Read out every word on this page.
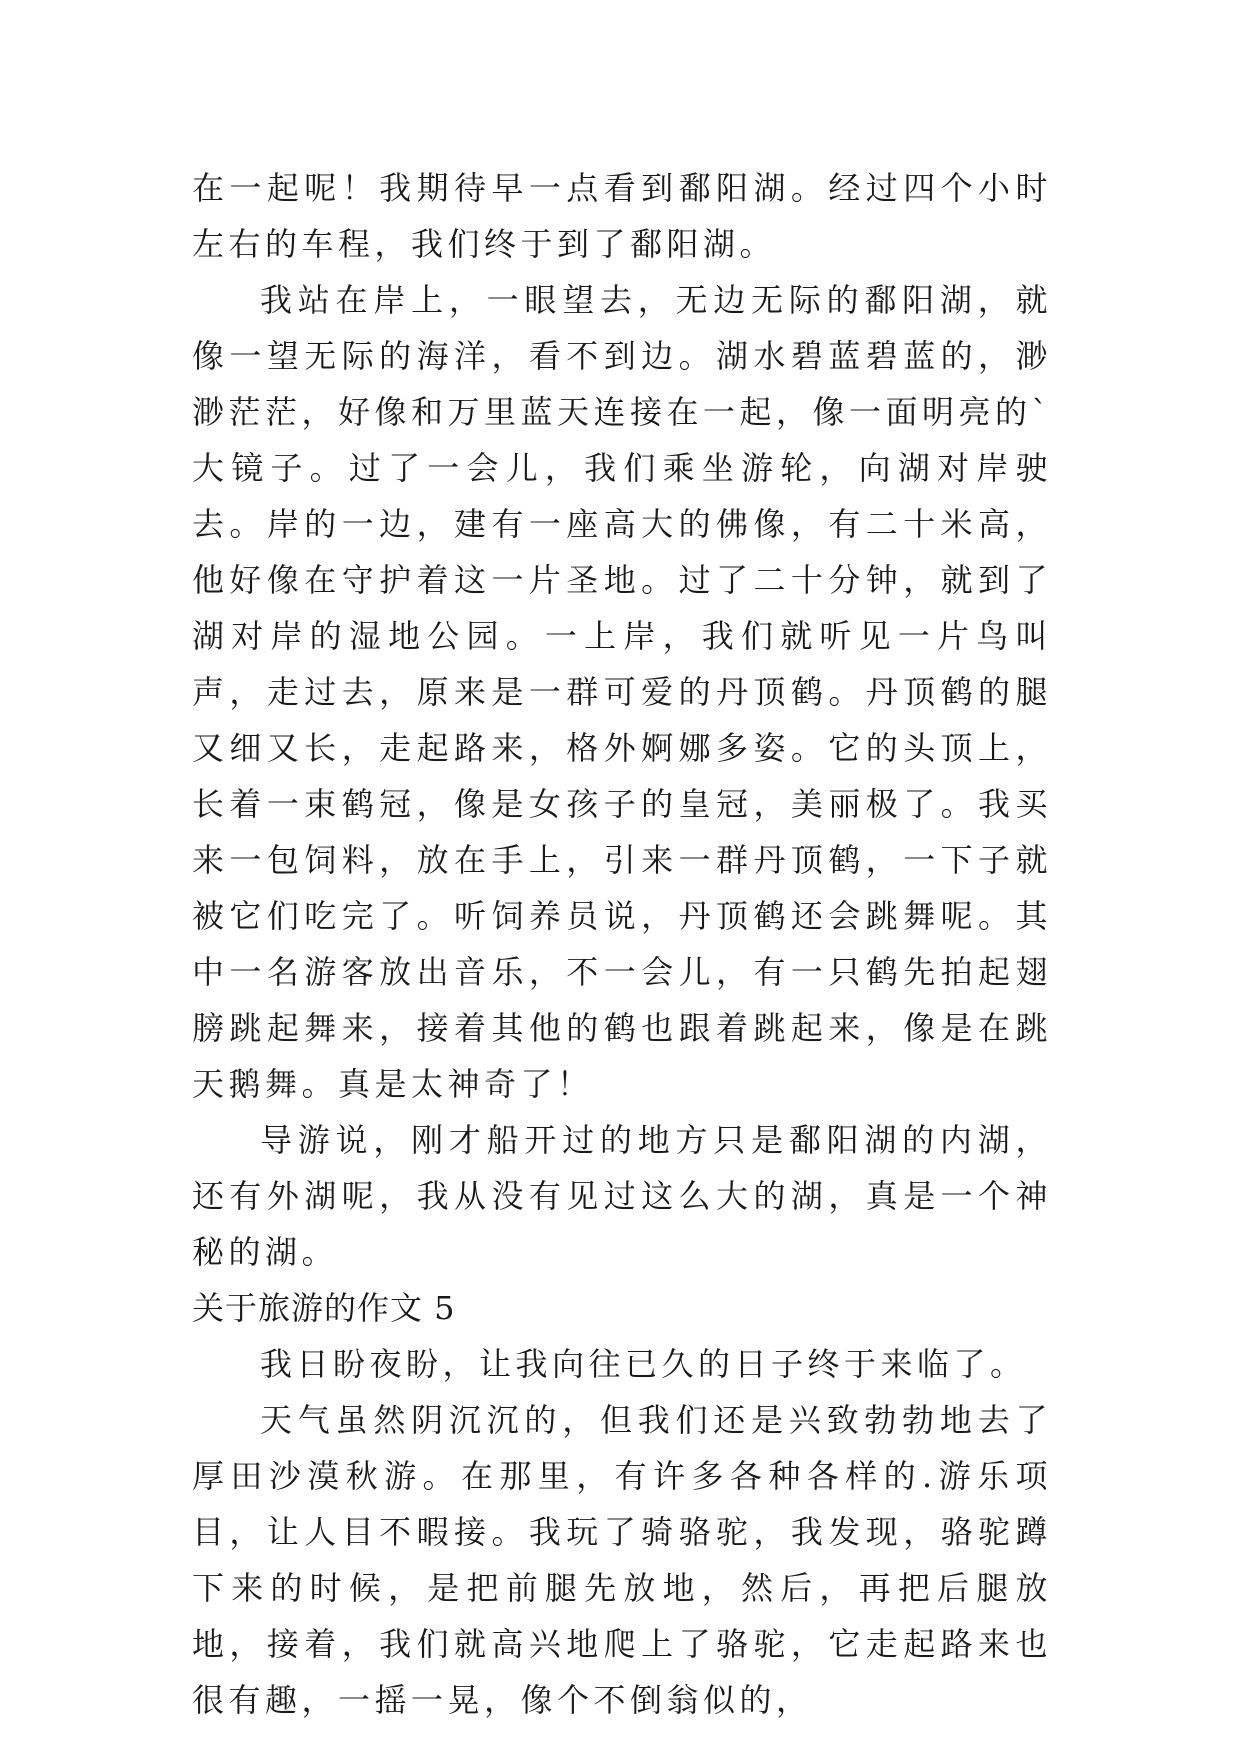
在一起呢！我期待早一点看到鄱阳湖。经过四个小时左右的车程，我们终于到了鄱阳湖。

我站在岸上，一眼望去，无边无际的鄱阳湖，就像一望无际的海洋，看不到边。湖水碧蓝碧蓝的，渺渺茫茫，好像和万里蓝天连接在一起，像一面明亮的`大镜子。过了一会儿，我们乘坐游轮，向湖对岸驶去。岸的一边，建有一座高大的佛像，有二十米高，他好像在守护着这一片圣地。过了二十分钟，就到了湖对岸的湿地公园。一上岸，我们就听见一片鸟叫声，走过去，原来是一群可爱的丹顶鹤。丹顶鹤的腿又细又长，走起路来，格外婀娜多姿。它的头顶上，长着一束鹤冠，像是女孩子的皇冠，美丽极了。我买来一包饲料，放在手上，引来一群丹顶鹤，一下子就被它们吃完了。听饲养员说，丹顶鹤还会跳舞呢。其中一名游客放出音乐，不一会儿，有一只鹤先拍起翅膀跳起舞来，接着其他的鹤也跟着跳起来，像是在跳天鹅舞。真是太神奇了！

导游说，刚才船开过的地方只是鄱阳湖的内湖，还有外湖呢，我从没有见过这么大的湖，真是一个神秘的湖。

关于旅游的作文 5

我日盼夜盼，让我向往已久的日子终于来临了。

天气虽然阴沉沉的，但我们还是兴致勃勃地去了厚田沙漠秋游。在那里，有许多各种各样的.游乐项目，让人目不暇接。我玩了骑骆驼，我发现，骆驼蹲下来的时候，是把前腿先放地，然后，再把后腿放地，接着，我们就高兴地爬上了骆驼，它走起路来也很有趣，一摇一晃，像个不倒翁似的，
